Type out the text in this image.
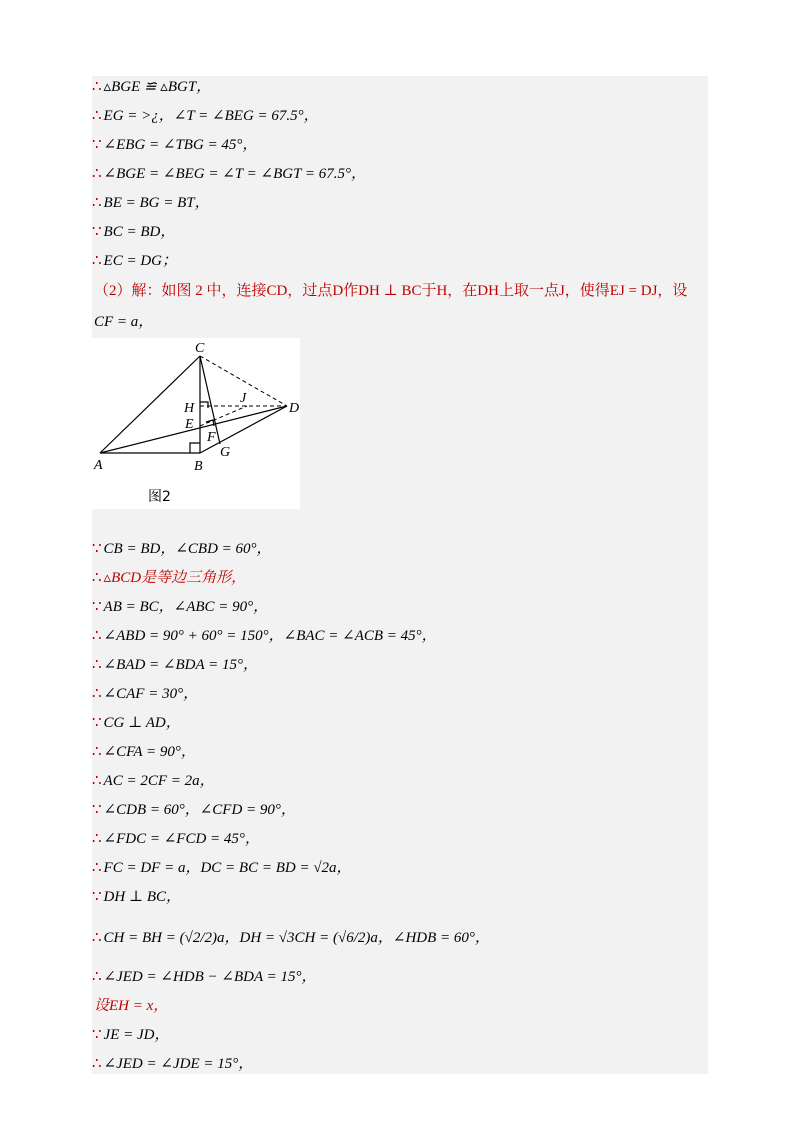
∴ ▵BGE ≌ ▵BGT，
∴ EG = >¿，∠T = ∠BEG = 67.5°，
∵ ∠EBG = ∠TBG = 45°，
∴ ∠BGE = ∠BEG = ∠T = ∠BGT = 67.5°，
∴ BE = BG = BT，
∵ BC = BD，
∴ EC = DG；
（2）解：如图 2 中，连接CD，过点D作DH ⊥ BC于H，在DH上取一点J，使得EJ = DJ，设
CF = a，
C
H
J
D
E
F
A	B
G
图2
∵ CB = BD，∠CBD = 60°，
∴ ▵BCD是等边三角形，
∵ AB = BC，∠ABC = 90°，
∴ ∠ABD = 90° + 60° = 150°，∠BAC = ∠ACB = 45°，
∴ ∠BAD = ∠BDA = 15°，
∴ ∠CAF = 30°，
∵ CG ⊥ AD，
∴ ∠CFA = 90°，
∴ AC = 2CF = 2a，
∵ ∠CDB = 60°，∠CFD = 90°，
∴ ∠FDC = ∠FCD = 45°，
∴ FC = DF = a，DC = BC = BD = √2a，
∵ DH ⊥ BC，
∴ CH = BH = (√2/2)a，DH = √3CH = (√6/2)a，∠HDB = 60°，
∴ ∠JED = ∠HDB − ∠BDA = 15°，
设EH = x，
∵ JE = JD，
∴ ∠JED = ∠JDE = 15°，
